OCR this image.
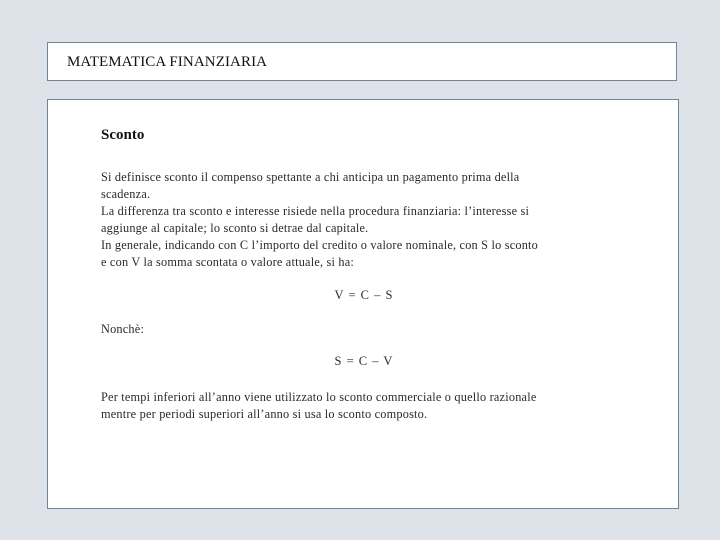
MATEMATICA FINANZIARIA
Sconto
Si definisce sconto il compenso spettante a chi anticipa un pagamento prima della
scadenza.
La differenza tra sconto e interesse risiede nella procedura finanziaria: l’interesse si
aggiunge al capitale; lo sconto si detrae dal capitale.
In generale, indicando con C l’importo del credito o valore nominale, con S lo sconto
e con V la somma scontata o valore attuale, si ha:
V = C – S
Nonchè:
S = C – V
Per tempi inferiori all’anno viene utilizzato lo sconto commerciale o quello razionale
mentre per periodi superiori all’anno si usa lo sconto composto.
